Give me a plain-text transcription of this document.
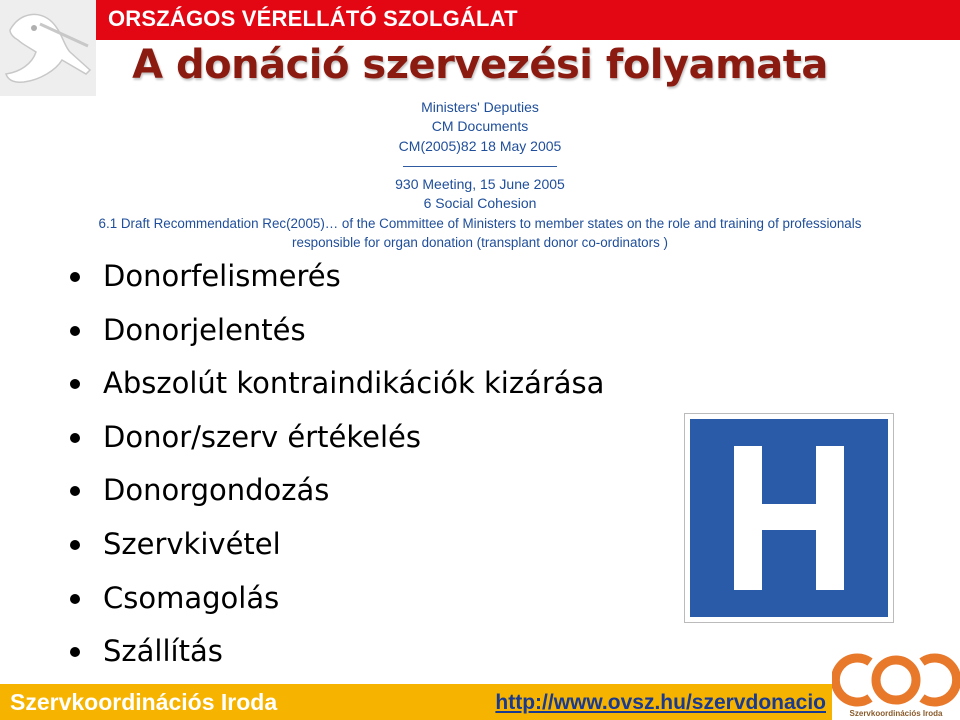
ORSZÁGOS VÉRELLÁTÓ SZOLGÁLAT
A donáció szervezési folyamata
Ministers' Deputies
CM Documents
CM(2005)82 18 May 2005
———————————
930 Meeting, 15 June 2005
6 Social Cohesion
6.1 Draft Recommendation Rec(2005)… of the Committee of Ministers to member states on the role and training of professionals
responsible for organ donation (transplant donor co-ordinators )
Donorfelismerés
Donorjelentés
Abszolút kontraindikációk kizárása
Donor/szerv értékelés
Donorgondozás
Szervkivétel
Csomagolás
Szállítás
Szervkoordinációs Iroda	http://www.ovsz.hu/szervdonacio	Szervkoordinációs Iroda
